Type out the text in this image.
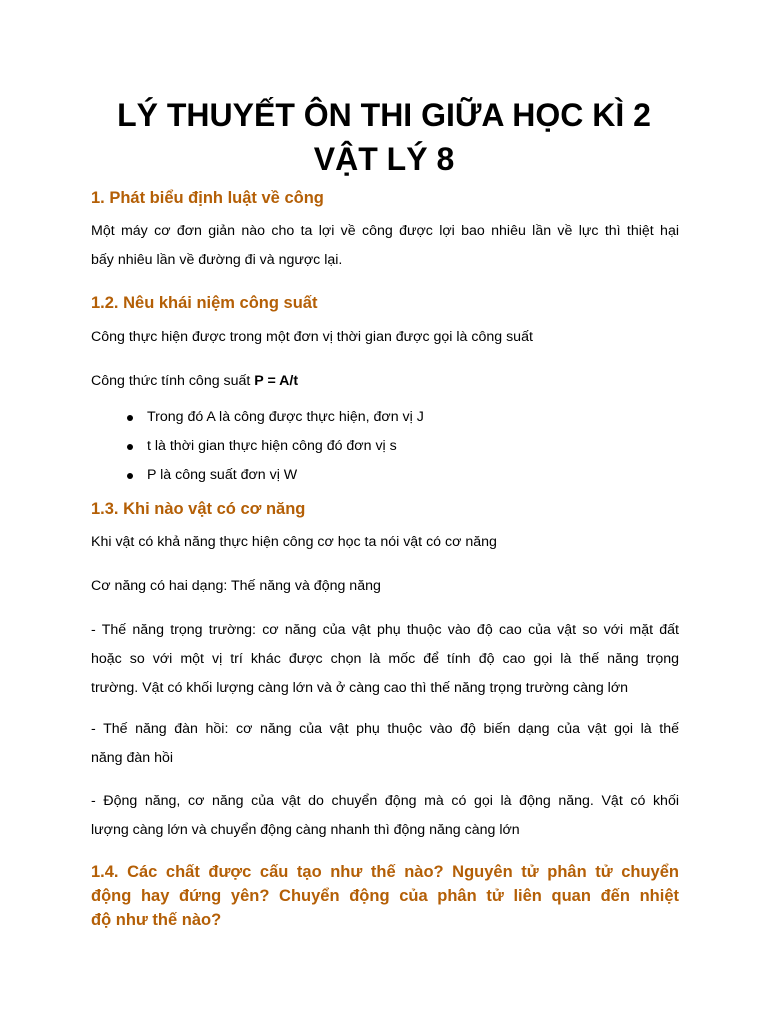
LÝ THUYẾT ÔN THI GIỮA HỌC KÌ 2
VẬT LÝ 8
1. Phát biểu định luật về công
Một máy cơ đơn giản nào cho ta lợi về công được lợi bao nhiêu lần về lực thì thiệt hại
bấy nhiêu lần về đường đi và ngược lại.
1.2. Nêu khái niệm công suất
Công thực hiện được trong một đơn vị thời gian được gọi là công suất
Công thức tính công suất P = A/t
Trong đó A là công được thực hiện, đơn vị J
t là thời gian thực hiện công đó đơn vị s
P là công suất đơn vị W
1.3. Khi nào vật có cơ năng
Khi vật có khả năng thực hiện công cơ học ta nói vật có cơ năng
Cơ năng có hai dạng: Thế năng và động năng
- Thế năng trọng trường: cơ năng của vật phụ thuộc vào độ cao của vật so với mặt đất
hoặc so với một vị trí khác được chọn là mốc để tính độ cao gọi là thế năng trọng
trường. Vật có khối lượng càng lớn và ở càng cao thì thế năng trọng trường càng lớn
- Thế năng đàn hồi: cơ năng của vật phụ thuộc vào độ biến dạng của vật gọi là thế
năng đàn hồi
- Động năng, cơ năng của vật do chuyển động mà có gọi là động năng. Vật có khối
lượng càng lớn và chuyển động càng nhanh thì động năng càng lớn
1.4. Các chất được cấu tạo như thế nào? Nguyên tử phân tử chuyển
động hay đứng yên? Chuyển động của phân tử liên quan đến nhiệt
độ như thế nào?
